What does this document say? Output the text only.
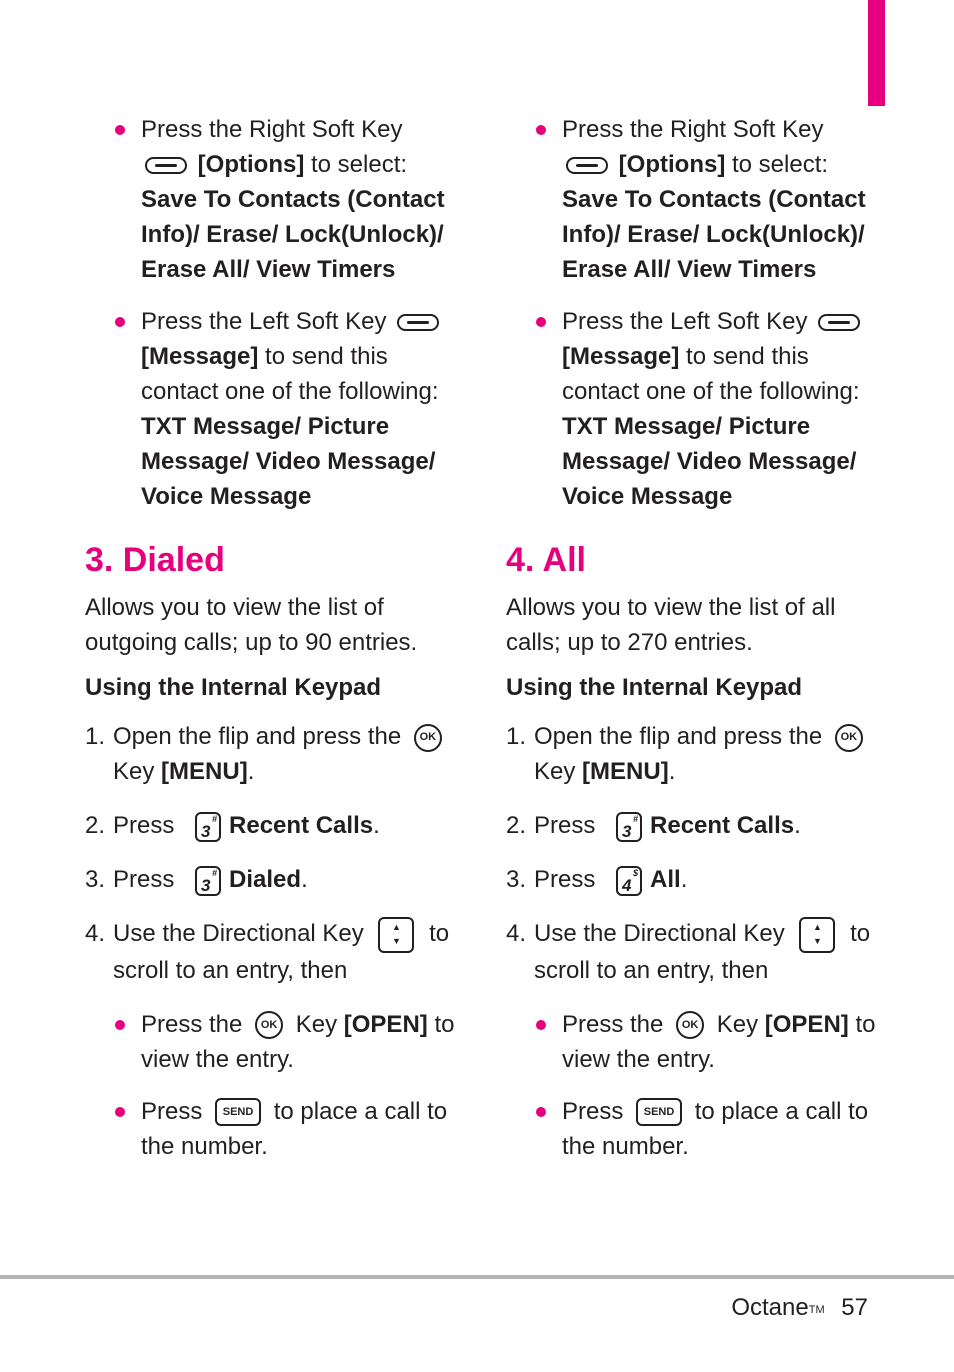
Press the Right Soft Key
[Options] to select:
Save To Contacts (Contact Info)/ Erase/ Lock(Unlock)/ Erase All/ View Timers
Press the Left Soft Key
[Message] to send this contact one of the following:
TXT Message/ Picture Message/ Video Message/ Voice Message
3. Dialed
Allows you to view the list of outgoing calls; up to 90 entries.
Using the Internal Keypad
1. Open the flip and press the OK
Key [MENU].
2. Press 3
# Recent Calls.
3. Press 3
# Dialed.
4. Use the Directional Key	▲
▼ to scroll to an entry, then
Press the OK Key [OPEN] to view the entry.
Press SEND to place a call to the number.
Press the Right Soft Key
[Options] to select:
Save To Contacts (Contact Info)/ Erase/ Lock(Unlock)/ Erase All/ View Timers
Press the Left Soft Key
[Message] to send this contact one of the following:
TXT Message/ Picture Message/ Video Message/ Voice Message
4. All
Allows you to view the list of all calls; up to 270 entries.
Using the Internal Keypad
1. Open the flip and press the OK
Key [MENU].
2. Press 3
# Recent Calls.
3. Press 4
$ All.
4. Use the Directional Key	▲
▼ to scroll to an entry, then
Press the OK Key [OPEN] to view the entry.
Press SEND to place a call to the number.
Octane™ 57
